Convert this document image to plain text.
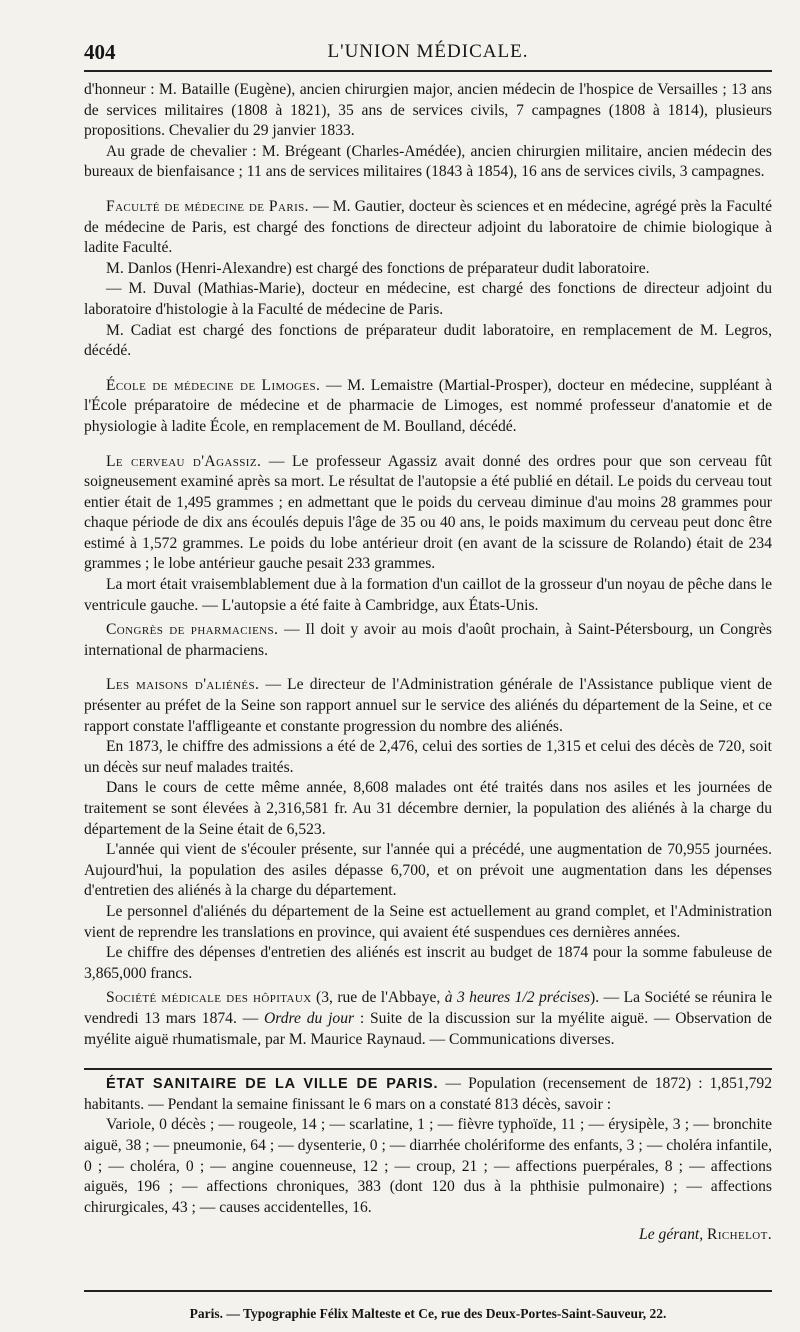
404	L'UNION MÉDICALE.

d'honneur : M. Bataille (Eugène), ancien chirurgien major, ancien médecin de l'hospice de Versailles ; 13 ans de services militaires (1808 à 1821), 35 ans de services civils, 7 campagnes (1808 à 1814), plusieurs propositions. Chevalier du 29 janvier 1833.

Au grade de chevalier : M. Brégeant (Charles-Amédée), ancien chirurgien militaire, ancien médecin des bureaux de bienfaisance ; 11 ans de services militaires (1843 à 1854), 16 ans de services civils, 3 campagnes.

Faculté de médecine de Paris. — M. Gautier, docteur ès sciences et en médecine, agrégé près la Faculté de médecine de Paris, est chargé des fonctions de directeur adjoint du laboratoire de chimie biologique à ladite Faculté.

M. Danlos (Henri-Alexandre) est chargé des fonctions de préparateur dudit laboratoire.

— M. Duval (Mathias-Marie), docteur en médecine, est chargé des fonctions de directeur adjoint du laboratoire d'histologie à la Faculté de médecine de Paris.

M. Cadiat est chargé des fonctions de préparateur dudit laboratoire, en remplacement de M. Legros, décédé.

École de médecine de Limoges. — M. Lemaistre (Martial-Prosper), docteur en médecine, suppléant à l'École préparatoire de médecine et de pharmacie de Limoges, est nommé professeur d'anatomie et de physiologie à ladite École, en remplacement de M. Boulland, décédé.

Le cerveau d'Agassiz. — Le professeur Agassiz avait donné des ordres pour que son cerveau fût soigneusement examiné après sa mort. Le résultat de l'autopsie a été publié en détail. Le poids du cerveau tout entier était de 1,495 grammes ; en admettant que le poids du cerveau diminue d'au moins 28 grammes pour chaque période de dix ans écoulés depuis l'âge de 35 ou 40 ans, le poids maximum du cerveau peut donc être estimé à 1,572 grammes. Le poids du lobe antérieur droit (en avant de la scissure de Rolando) était de 234 grammes ; le lobe antérieur gauche pesait 233 grammes.

La mort était vraisemblablement due à la formation d'un caillot de la grosseur d'un noyau de pêche dans le ventricule gauche. — L'autopsie a été faite à Cambridge, aux États-Unis.

Congrès de pharmaciens. — Il doit y avoir au mois d'août prochain, à Saint-Pétersbourg, un Congrès international de pharmaciens.

Les maisons d'aliénés. — Le directeur de l'Administration générale de l'Assistance publique vient de présenter au préfet de la Seine son rapport annuel sur le service des aliénés du département de la Seine, et ce rapport constate l'affligeante et constante progression du nombre des aliénés.

En 1873, le chiffre des admissions a été de 2,476, celui des sorties de 1,315 et celui des décès de 720, soit un décès sur neuf malades traités.

Dans le cours de cette même année, 8,608 malades ont été traités dans nos asiles et les journées de traitement se sont élevées à 2,316,581 fr. Au 31 décembre dernier, la population des aliénés à la charge du département de la Seine était de 6,523.

L'année qui vient de s'écouler présente, sur l'année qui a précédé, une augmentation de 70,955 journées. Aujourd'hui, la population des asiles dépasse 6,700, et on prévoit une augmentation dans les dépenses d'entretien des aliénés à la charge du département.

Le personnel d'aliénés du département de la Seine est actuellement au grand complet, et l'Administration vient de reprendre les translations en province, qui avaient été suspendues ces dernières années.

Le chiffre des dépenses d'entretien des aliénés est inscrit au budget de 1874 pour la somme fabuleuse de 3,865,000 francs.

Société médicale des hôpitaux (3, rue de l'Abbaye, à 3 heures 1/2 précises). — La Société se réunira le vendredi 13 mars 1874. — Ordre du jour : Suite de la discussion sur la myélite aiguë. — Observation de myélite aiguë rhumatismale, par M. Maurice Raynaud. — Communications diverses.

ÉTAT SANITAIRE DE LA VILLE DE PARIS. — Population (recensement de 1872) : 1,851,792 habitants. — Pendant la semaine finissant le 6 mars on a constaté 813 décès, savoir :

Variole, 0 décès ; — rougeole, 14 ; — scarlatine, 1 ; — fièvre typhoïde, 11 ; — érysipèle, 3 ; — bronchite aiguë, 38 ; — pneumonie, 64 ; — dysenterie, 0 ; — diarrhée cholériforme des enfants, 3 ; — choléra infantile, 0 ; — choléra, 0 ; — angine couenneuse, 12 ; — croup, 21 ; — affections puerpérales, 8 ; — affections aiguës, 196 ; — affections chroniques, 383 (dont 120 dus à la phthisie pulmonaire) ; — affections chirurgicales, 43 ; — causes accidentelles, 16.

Le gérant, Richelot.
Paris. — Typographie Félix Malteste et Ce, rue des Deux-Portes-Saint-Sauveur, 22.
